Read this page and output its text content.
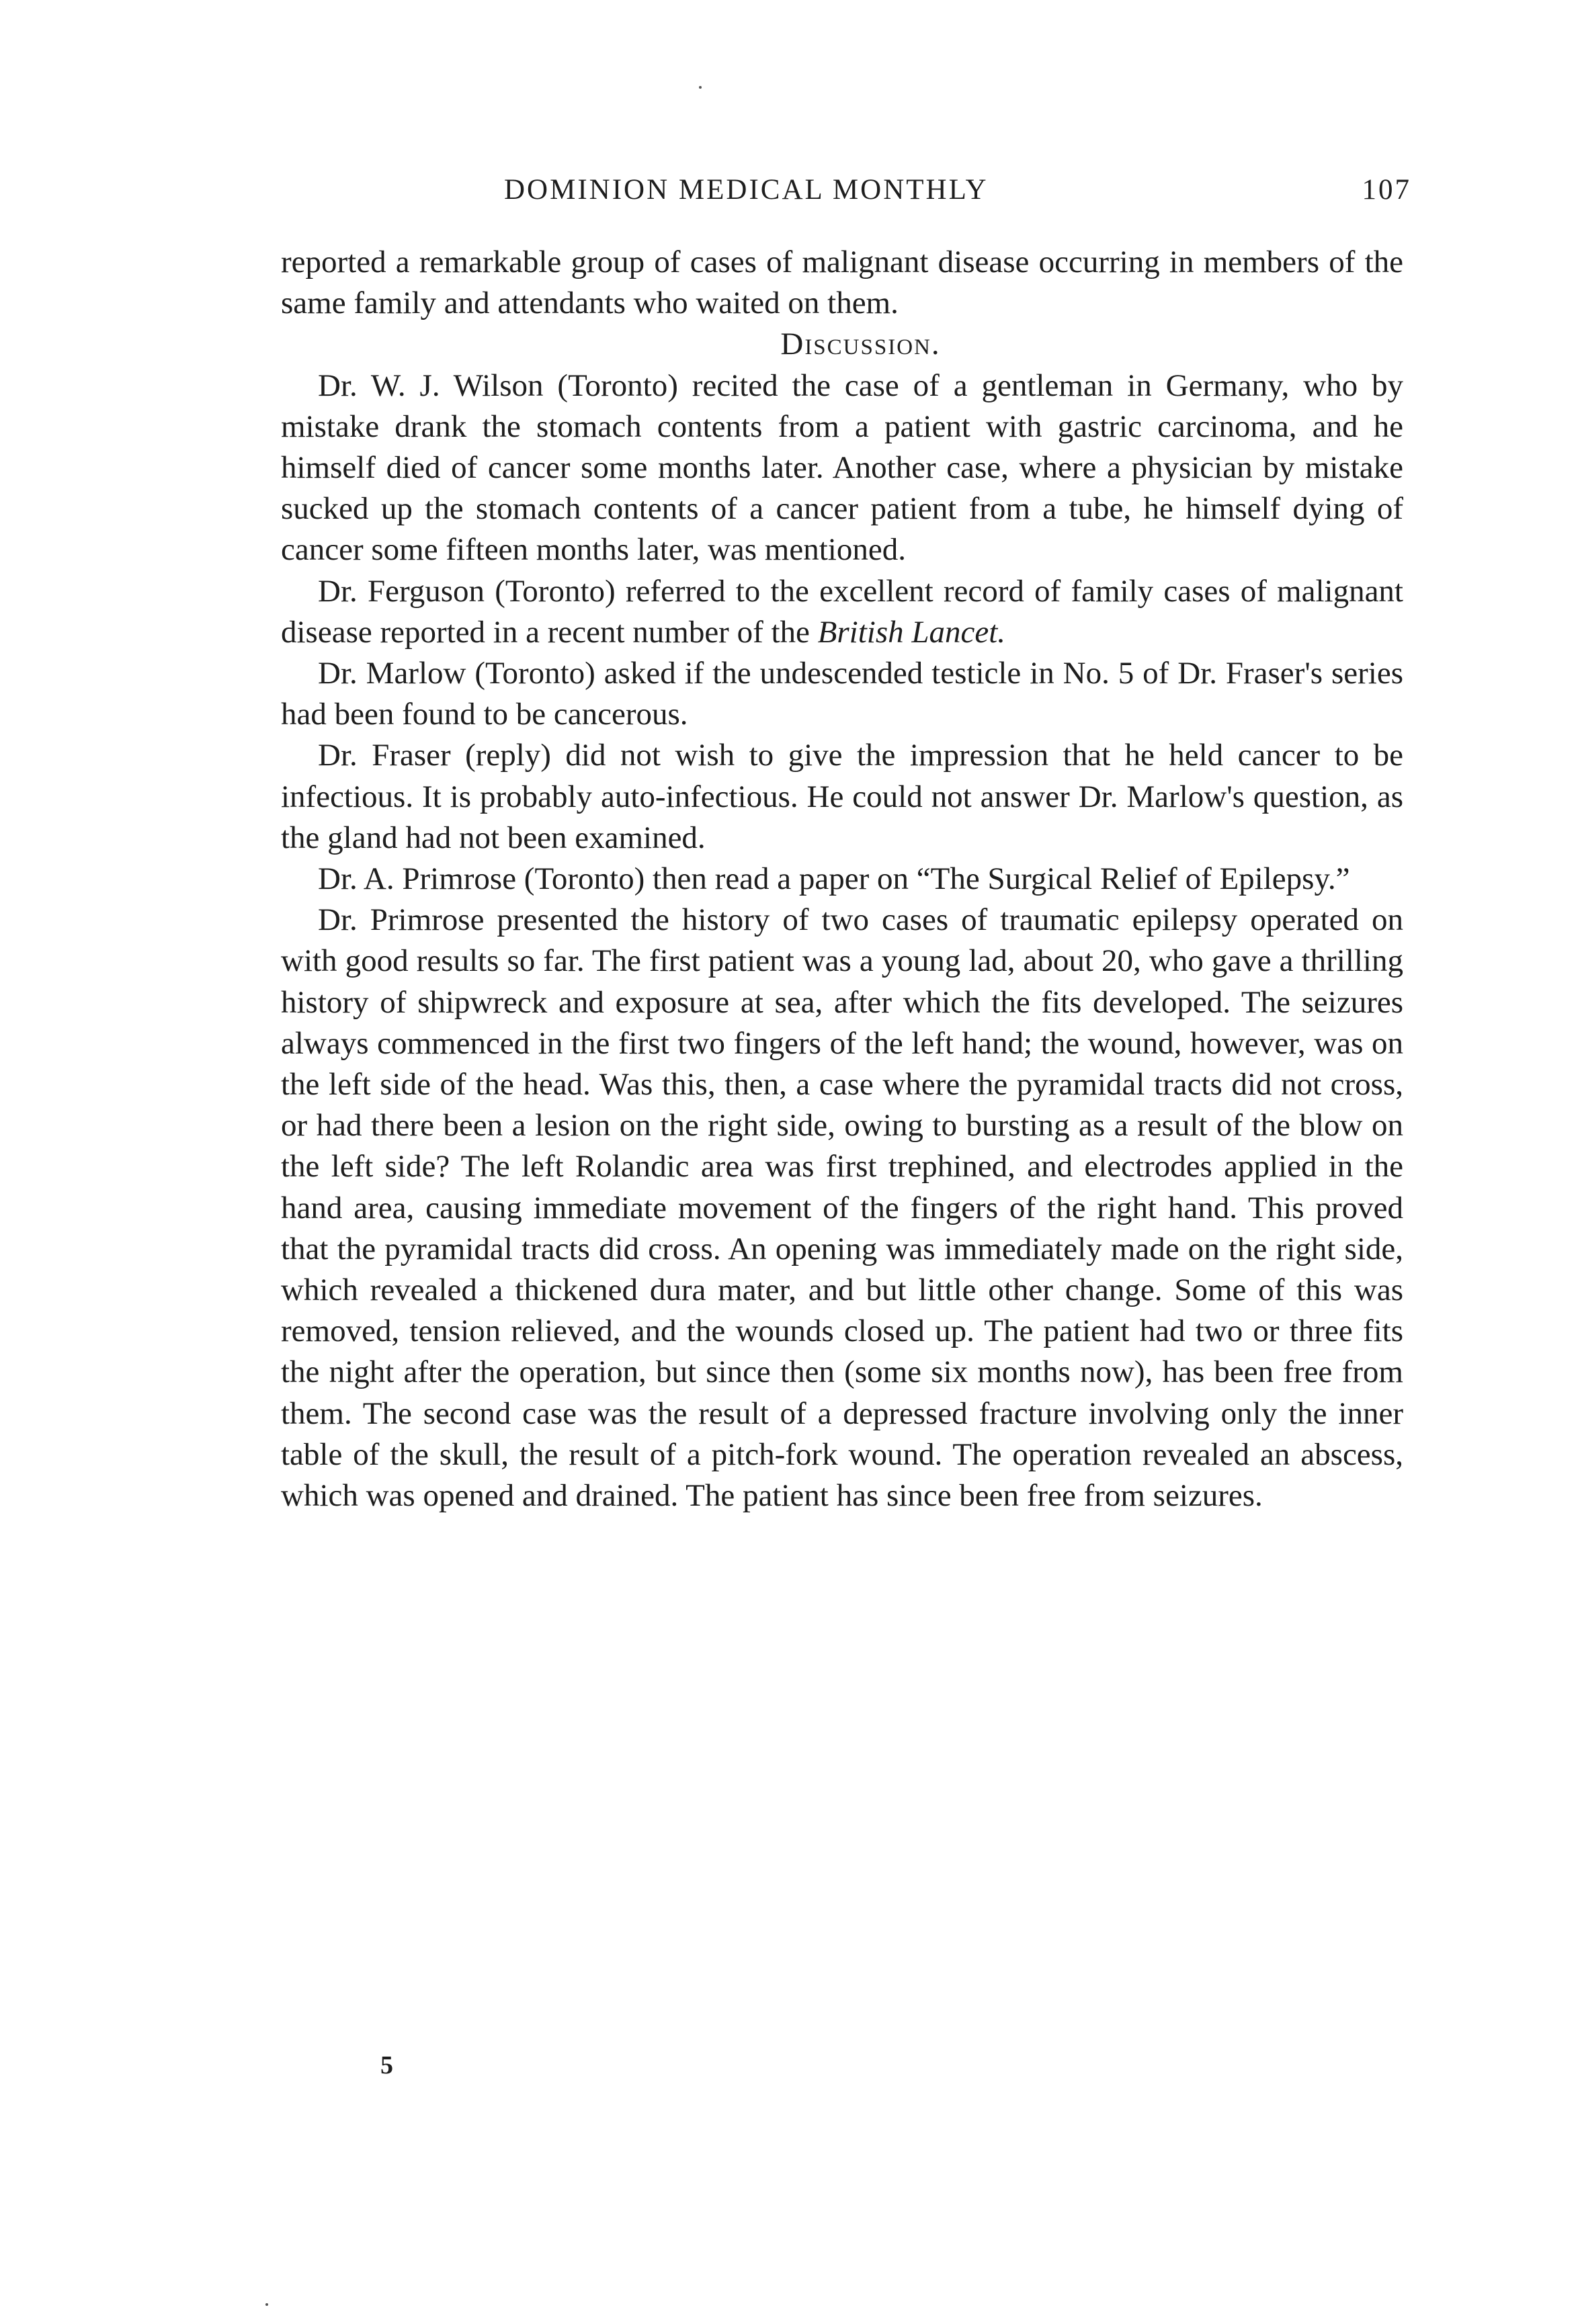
DOMINION MEDICAL MONTHLY	107

reported a remarkable group of cases of malignant disease occurring in members of the same family and attendants who waited on them.

Discussion.

Dr. W. J. Wilson (Toronto) recited the case of a gentleman in Germany, who by mistake drank the stomach contents from a patient with gastric carcinoma, and he himself died of cancer some months later. Another case, where a physician by mistake sucked up the stomach contents of a cancer patient from a tube, he himself dying of cancer some fifteen months later, was mentioned.

Dr. Ferguson (Toronto) referred to the excellent record of family cases of malignant disease reported in a recent number of the British Lancet.

Dr. Marlow (Toronto) asked if the undescended testicle in No. 5 of Dr. Fraser's series had been found to be cancerous.

Dr. Fraser (reply) did not wish to give the impression that he held cancer to be infectious. It is probably auto-infectious. He could not answer Dr. Marlow's question, as the gland had not been examined.

Dr. A. Primrose (Toronto) then read a paper on “The Surgical Relief of Epilepsy.”

Dr. Primrose presented the history of two cases of traumatic epilepsy operated on with good results so far. The first patient was a young lad, about 20, who gave a thrilling history of shipwreck and exposure at sea, after which the fits developed. The seizures always commenced in the first two fingers of the left hand; the wound, however, was on the left side of the head. Was this, then, a case where the pyramidal tracts did not cross, or had there been a lesion on the right side, owing to bursting as a result of the blow on the left side? The left Rolandic area was first trephined, and electrodes applied in the hand area, causing immediate movement of the fingers of the right hand. This proved that the pyramidal tracts did cross. An opening was immediately made on the right side, which revealed a thickened dura mater, and but little other change. Some of this was removed, tension relieved, and the wounds closed up. The patient had two or three fits the night after the operation, but since then (some six months now), has been free from them. The second case was the result of a depressed fracture involving only the inner table of the skull, the result of a pitch-fork wound. The operation revealed an abscess, which was opened and drained. The patient has since been free from seizures.

5
